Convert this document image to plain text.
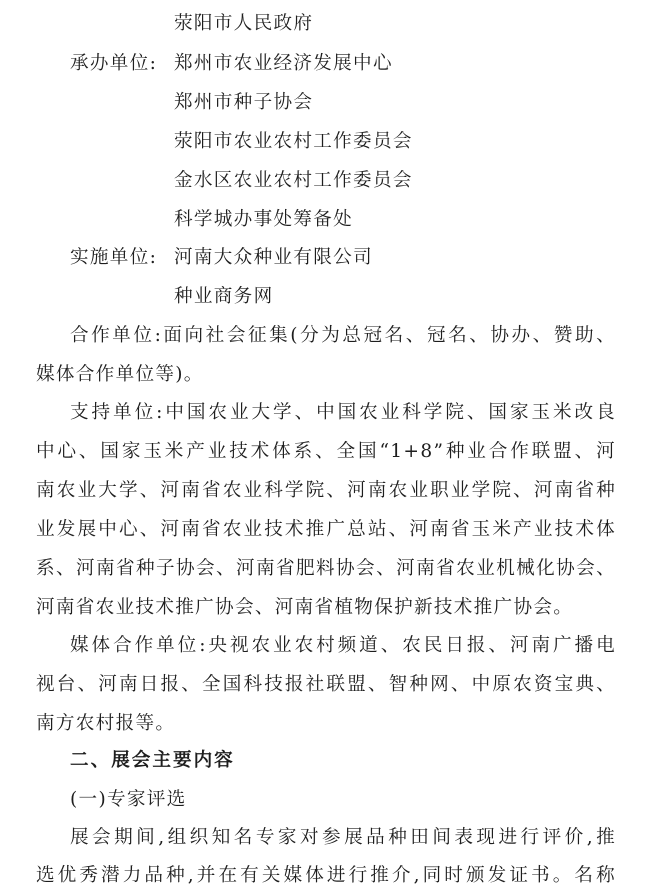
荥阳市人民政府
承办单位: 郑州市农业经济发展中心
郑州市种子协会
荥阳市农业农村工作委员会
金水区农业农村工作委员会
科学城办事处筹备处
实施单位: 河南大众种业有限公司
种业商务网
合作单位:面向社会征集(分为总冠名、冠名、协办、赞助、
媒体合作单位等)。
支持单位:中国农业大学、中国农业科学院、国家玉米改良
中心、国家玉米产业技术体系、全国“1+8”种业合作联盟、河
南农业大学、河南省农业科学院、河南农业职业学院、河南省种
业发展中心、河南省农业技术推广总站、河南省玉米产业技术体
系、河南省种子协会、河南省肥料协会、河南省农业机械化协会、
河南省农业技术推广协会、河南省植物保护新技术推广协会。
媒体合作单位:央视农业农村频道、农民日报、河南广播电
视台、河南日报、全国科技报社联盟、智种网、中原农资宝典、
南方农村报等。
二、展会主要内容
(一)专家评选
展会期间,组织知名专家对参展品种田间表现进行评价,推
选优秀潜力品种,并在有关媒体进行推介,同时颁发证书。名称
